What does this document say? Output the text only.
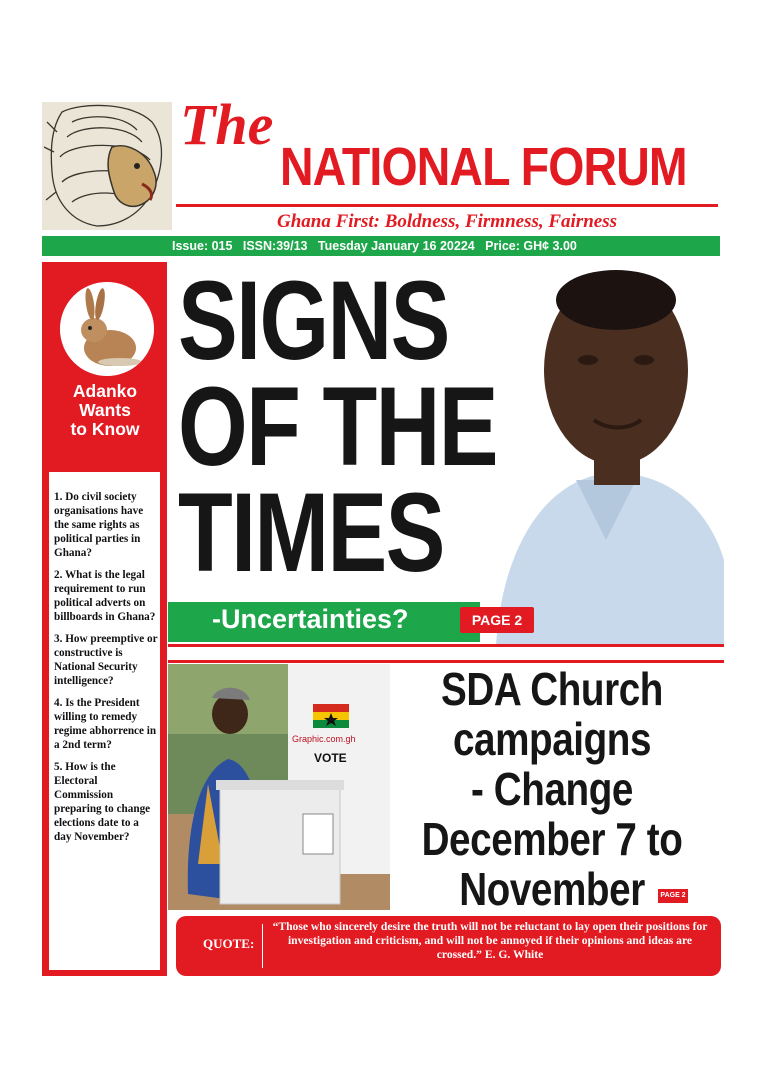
The
NATIONAL FORUM
Ghana First: Boldness, Firmness, Fairness
Issue: 015   ISSN:39/13   Tuesday January 16 20224   Price: GH¢ 3.00
Adanko
Wants
to Know

1. Do civil society organisations have the same rights as political parties in Ghana?

2. What is the legal requirement to run political adverts on billboards in Ghana?

3. How preemptive or constructive is National Security intelligence?

4. Is the President willing to remedy regime abhorrence in a 2nd term?

5. How is the Electoral Commission preparing to change elections date to a day November?

SIGNS
OF THE
TIMES
-Uncertainties?	PAGE 2
Graphic.com.gh
VOTE
SDA Church
campaigns
- Change
December 7 to
November	PAGE 2
QUOTE:
“Those who sincerely desire the truth will not be reluctant to lay open their positions for investigation and criticism, and will not be annoyed if their opinions and ideas are crossed.” E. G. White
